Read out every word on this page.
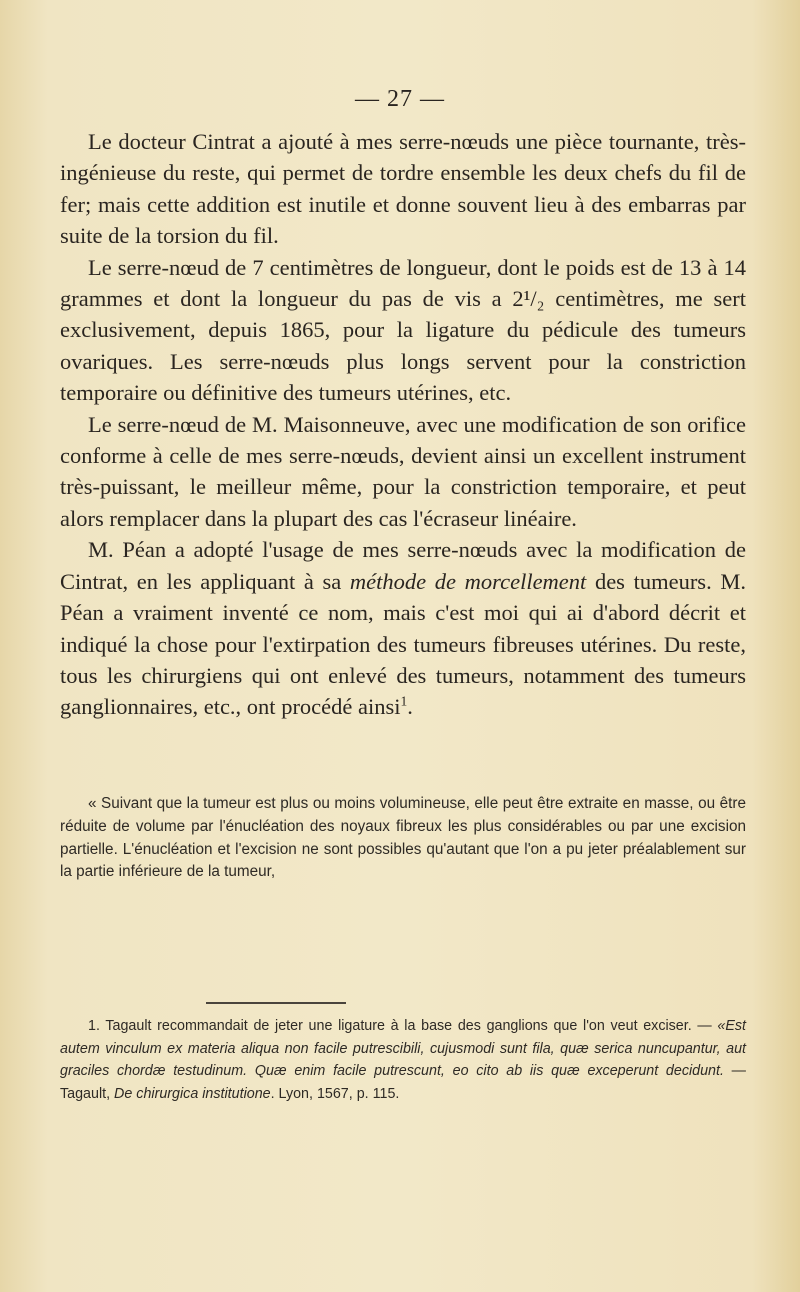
— 27 —

Le docteur Cintrat a ajouté à mes serre-nœuds une pièce tournante, très-ingénieuse du reste, qui permet de tordre ensemble les deux chefs du fil de fer; mais cette addition est inutile et donne souvent lieu à des embarras par suite de la torsion du fil.

Le serre-nœud de 7 centimètres de longueur, dont le poids est de 13 à 14 grammes et dont la longueur du pas de vis a 2¹/₂ centimètres, me sert exclusivement, depuis 1865, pour la ligature du pédicule des tumeurs ovariques. Les serre-nœuds plus longs servent pour la constriction temporaire ou définitive des tumeurs utérines, etc.

Le serre-nœud de M. Maisonneuve, avec une modification de son orifice conforme à celle de mes serre-nœuds, devient ainsi un excellent instrument très-puissant, le meilleur même, pour la constriction temporaire, et peut alors remplacer dans la plupart des cas l'écraseur linéaire.

M. Péan a adopté l'usage de mes serre-nœuds avec la modification de Cintrat, en les appliquant à sa méthode de morcellement des tumeurs. M. Péan a vraiment inventé ce nom, mais c'est moi qui ai d'abord décrit et indiqué la chose pour l'extirpation des tumeurs fibreuses utérines. Du reste, tous les chirurgiens qui ont enlevé des tumeurs, notamment des tumeurs ganglionnaires, etc., ont procédé ainsi$^1$.

« Suivant que la tumeur est plus ou moins volumineuse, elle peut être extraite en masse, ou être réduite de volume par l'énucléation des noyaux fibreux les plus considérables ou par une excision partielle. L'énucléation et l'excision ne sont possibles qu'autant que l'on a pu jeter préalablement sur la partie inférieure de la tumeur,

1. Tagault recommandait de jeter une ligature à la base des ganglions que l'on veut exciser. — «Est autem vinculum ex materia aliqua non facile putrescibili, cujusmodi sunt fila, quæ serica nuncupantur, aut graciles chordæ testudinum. Quæ enim facile putrescunt, eo cito ab iis quæ exceperunt decidunt. — Tagault, De chirurgica institutione. Lyon, 1567, p. 115.
